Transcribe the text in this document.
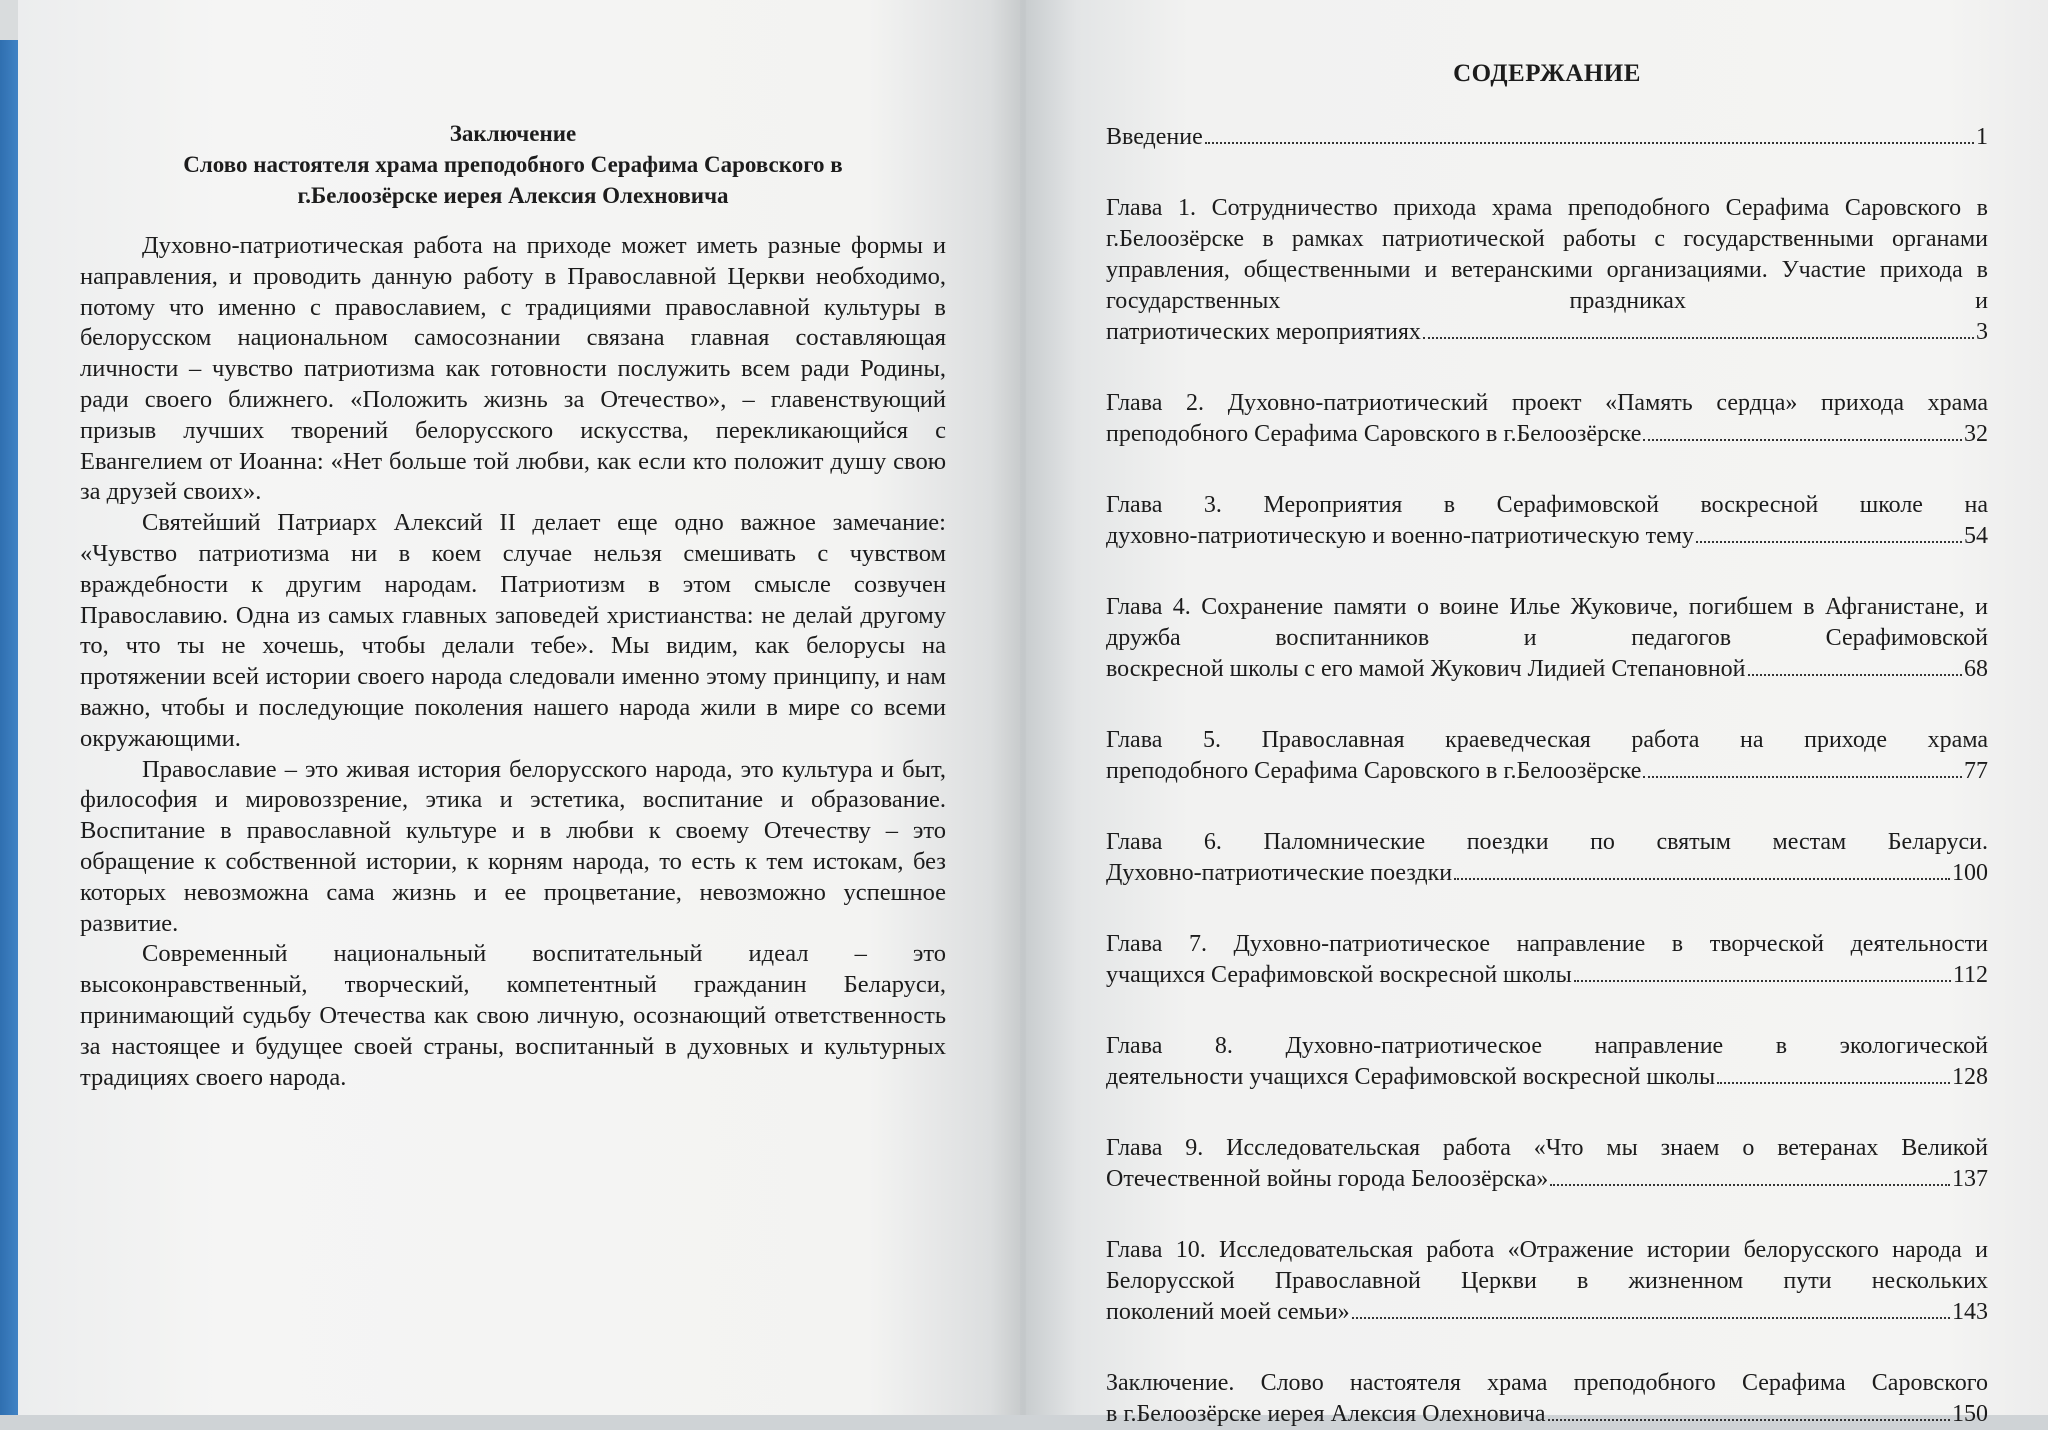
Заключение
Слово настоятеля храма преподобного Серафима Саровского в
г.Белоозёрске иерея Алексия Олехновича

Духовно-патриотическая работа на приходе может иметь разные формы и направления, и проводить данную работу в Православной Церкви необходимо, потому что именно с православием, с традициями православной культуры в белорусском национальном самосознании связана главная составляющая личности – чувство патриотизма как готовности послужить всем ради Родины, ради своего ближнего. «Положить жизнь за Отечество», – главенствующий призыв лучших творений белорусского искусства, перекликающийся с Евангелием от Иоанна: «Нет больше той любви, как если кто положит душу свою за друзей своих».

Святейший Патриарх Алексий II делает еще одно важное замечание: «Чувство патриотизма ни в коем случае нельзя смешивать с чувством враждебности к другим народам. Патриотизм в этом смысле созвучен Православию. Одна из самых главных заповедей христианства: не делай другому то, что ты не хочешь, чтобы делали тебе». Мы видим, как белорусы на протяжении всей истории своего народа следовали именно этому принципу, и нам важно, чтобы и последующие поколения нашего народа жили в мире со всеми окружающими.

Православие – это живая история белорусского народа, это культура и быт, философия и мировоззрение, этика и эстетика, воспитание и образование. Воспитание в православной культуре и в любви к своему Отечеству – это обращение к собственной истории, к корням народа, то есть к тем истокам, без которых невозможна сама жизнь и ее процветание, невозможно успешное развитие.

Современный национальный воспитательный идеал – это высоконравственный, творческий, компетентный гражданин Беларуси, принимающий судьбу Отечества как свою личную, осознающий ответственность за настоящее и будущее своей страны, воспитанный в духовных и культурных традициях своего народа.

СОДЕРЖАНИЕ
Введение	1
Глава 1. Сотрудничество прихода храма преподобного Серафима Саровского в г.Белоозёрске в рамках патриотической работы с государственными органами управления, общественными и ветеранскими организациями. Участие прихода в государственных праздниках и
патриотических мероприятиях	3
Глава 2. Духовно-патриотический проект «Память сердца» прихода храма
преподобного Серафима Саровского в г.Белоозёрске	32
Глава 3. Мероприятия в Серафимовской воскресной школе на
духовно-патриотическую и военно-патриотическую тему	54
Глава 4. Сохранение памяти о воине Илье Жуковиче, погибшем в Афганистане, и дружба воспитанников и педагогов Серафимовской
воскресной школы с его мамой Жукович Лидией Степановной	68
Глава 5. Православная краеведческая работа на приходе храма
преподобного Серафима Саровского в г.Белоозёрске	77
Глава 6. Паломнические поездки по святым местам Беларуси.
Духовно-патриотические поездки	100
Глава 7. Духовно-патриотическое направление в творческой деятельности
учащихся Серафимовской воскресной школы	112
Глава 8. Духовно-патриотическое направление в экологической
деятельности учащихся Серафимовской воскресной школы	128
Глава 9. Исследовательская работа «Что мы знаем о ветеранах Великой
Отечественной войны города Белоозёрска»	137
Глава 10. Исследовательская работа «Отражение истории белорусского народа и Белорусской Православной Церкви в жизненном пути нескольких
поколений моей семьи»	143
Заключение. Слово настоятеля храма преподобного Серафима Саровского
в г.Белоозёрске иерея Алексия Олехновича	150
